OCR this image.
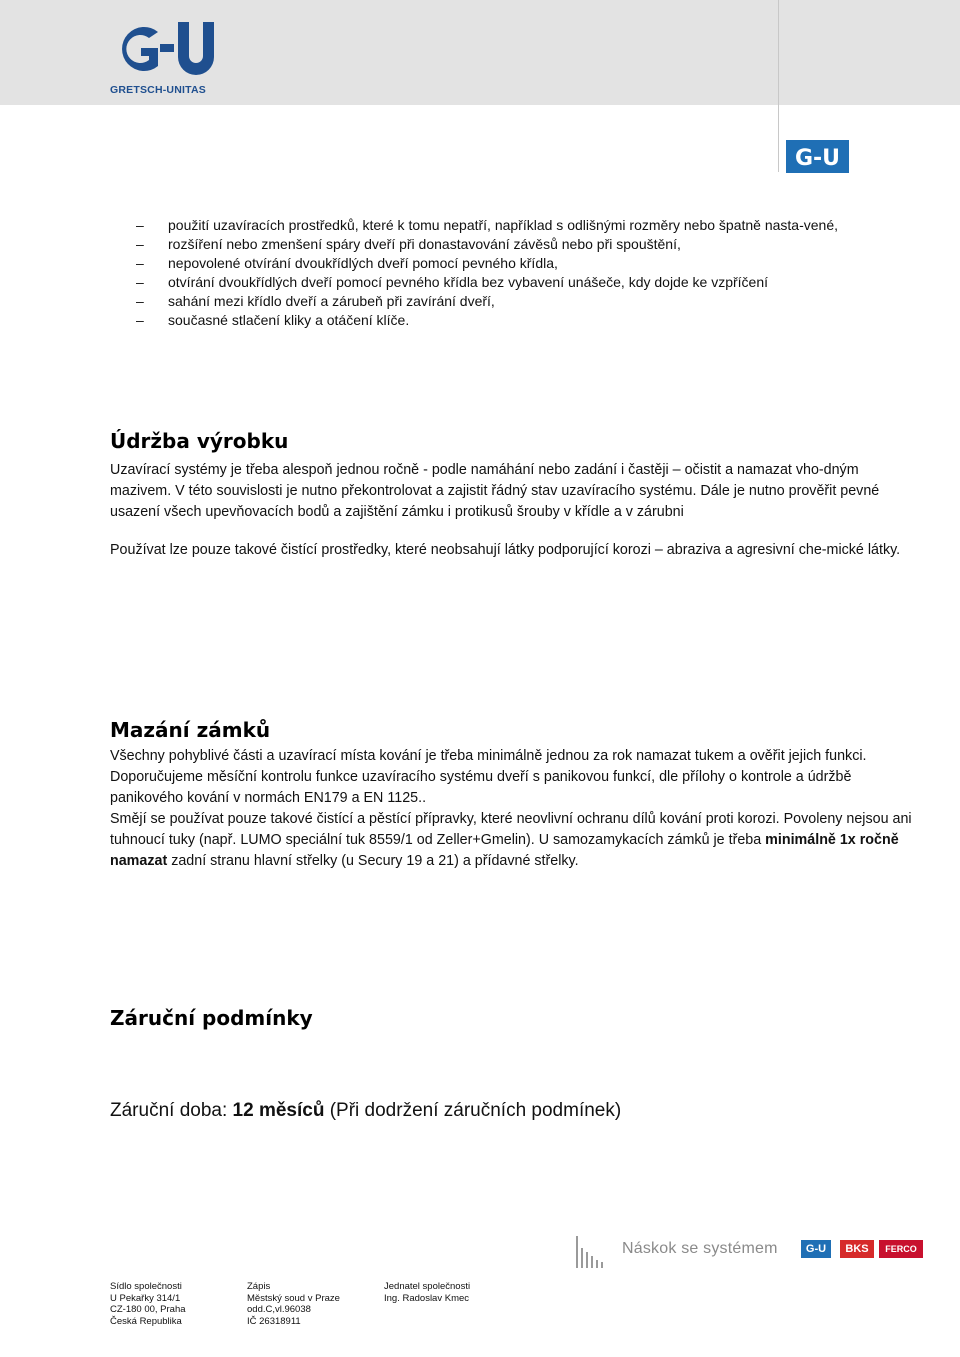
GRETSCH-UNITAS
G-U
– použití uzavíracích prostředků, které k tomu nepatří, například s odlišnými rozměry nebo špatně nasta-vené,
– rozšíření nebo zmenšení spáry dveří při donastavování závěsů nebo při spouštění,
– nepovolené otvírání dvoukřídlých dveří pomocí pevného křídla,
– otvírání dvoukřídlých dveří pomocí pevného křídla bez vybavení unášeče, kdy dojde ke vzpříčení
– sahání mezi křídlo dveří a zárubeň při zavírání dveří,
– současné stlačení kliky a otáčení klíče.
Údržba výrobku

Uzavírací systémy je třeba alespoň jednou ročně - podle namáhání nebo zadání i častěji – očistit a namazat vho-dným mazivem. V této souvislosti je nutno překontrolovat a zajistit řádný stav uzavíracího systému. Dále je nutno prověřit pevné usazení všech upevňovacích bodů a zajištění zámku i protikusů šrouby v křídle a v zárubni

Používat lze pouze takové čistící prostředky, které neobsahují látky podporující korozi – abraziva a agresivní che-mické látky.

Mazání zámků

Všechny pohyblivé části a uzavírací místa kování je třeba minimálně jednou za rok namazat tukem a ověřit jejich funkci. Doporučujeme měsíční kontrolu funkce uzavíracího systému dveří s panikovou funkcí, dle přílohy o kontrole a údržbě panikového kování v normách EN179 a EN 1125..

Smějí se používat pouze takové čistící a pěstící přípravky, které neovlivní ochranu dílů kování proti korozi. Povoleny nejsou ani tuhnoucí tuky (např. LUMO speciální tuk 8559/1 od Zeller+Gmelin). U samozamykacích zámků je třeba minimálně 1x ročně namazat zadní stranu hlavní střelky (u Secury 19 a 21) a přídavné střelky.

Záruční podmínky

Záruční doba: 12 měsíců (Při dodržení záručních podmínek)

Náskok se systémem	G-U	BKS	FERCO
Sídlo společnosti
U Pekařky 314/1
CZ-180 00, Praha
Česká Republika
Zápis
Městský soud v Praze
odd.C,vl.96038
IČ 26318911
Jednatel společnosti
Ing. Radoslav Kmec
